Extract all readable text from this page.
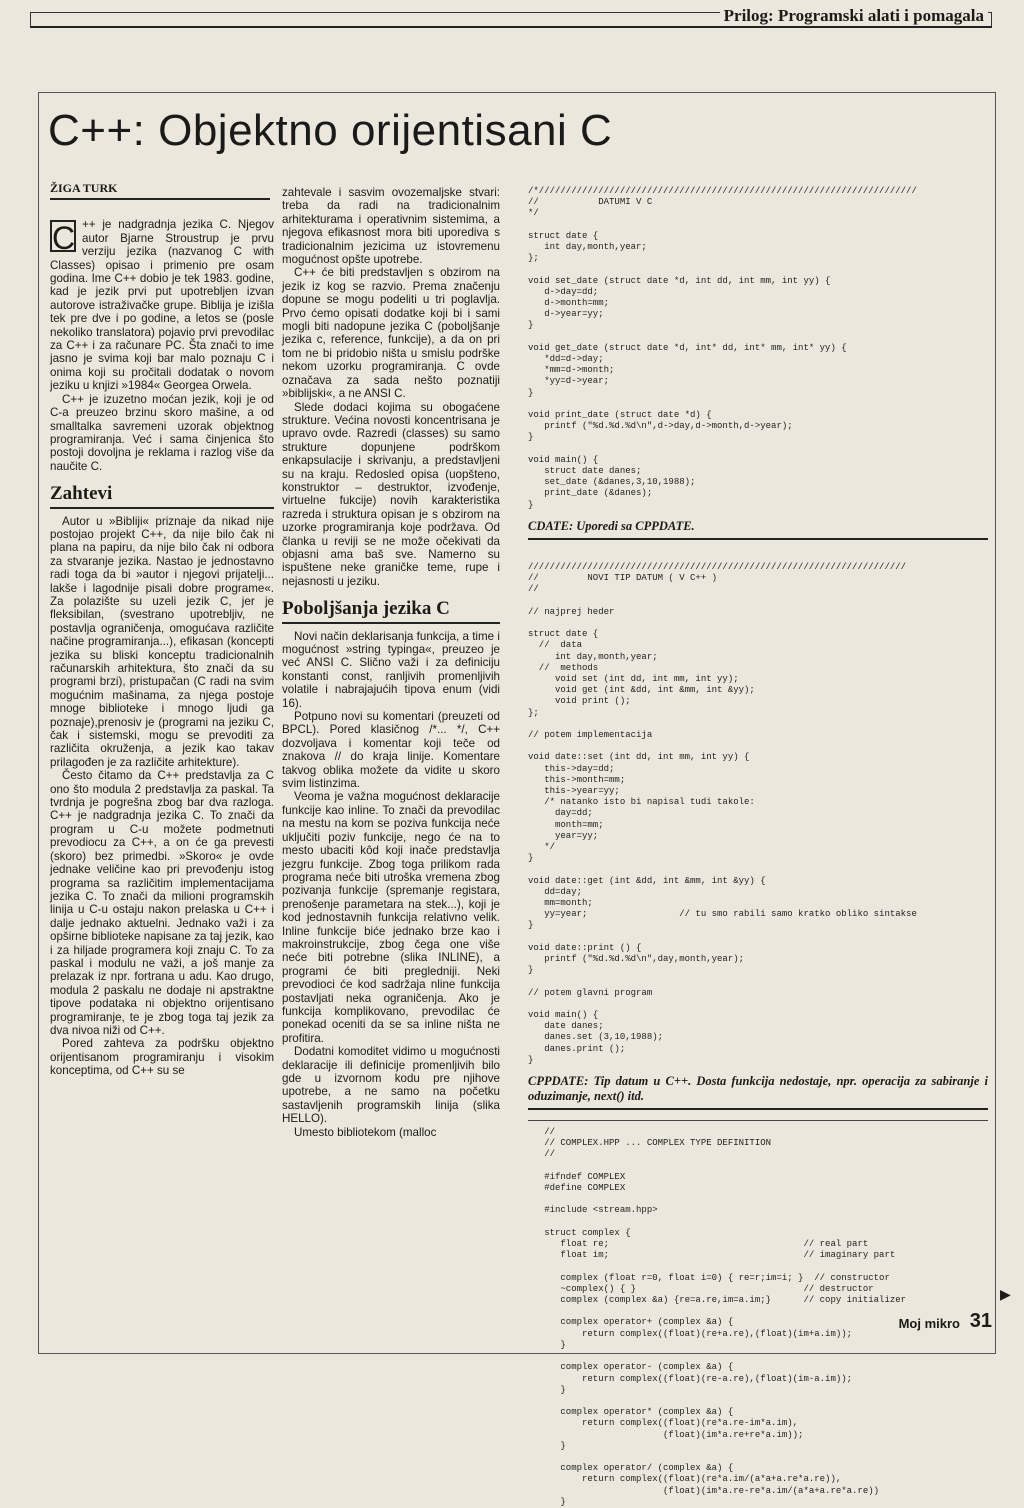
Prilog: Programski alati i pomagala
C++: Objektno orijentisani C
ŽIGA TURK

C ++ je nadgradnja jezika C. Njegov autor Bjarne Stroustrup je prvu verziju jezika (nazvanog C with Classes) opisao i primenio pre osam godina. Ime C++ dobio je tek 1983. godine, kad je jezik prvi put upotrebljen izvan autorove istraživačke grupe. Biblija je izišla tek pre dve i po godine, a letos se (posle nekoliko translatora) pojavio prvi prevodilac za C++ i za računare PC. Šta znači to ime jasno je svima koji bar malo poznaju C i onima koji su pročitali dodatak o novom jeziku u knjizi »1984« Georgea Orwela.

C++ je izuzetno moćan jezik, koji je od C-a preuzeo brzinu skoro mašine, a od smalltalka savremeni uzorak objektnog programiranja. Već i sama činjenica što postoji dovoljna je reklama i razlog više da naučite C.

Zahtevi

Autor u »Bibliji« priznaje da nikad nije postojao projekt C++, da nije bilo čak ni plana na papiru, da nije bilo čak ni odbora za stvaranje jezika. Nastao je jednostavno radi toga da bi »autor i njegovi prijatelji... lakše i lagodnije pisali dobre programe«. Za polazište su uzeli jezik C, jer je fleksibilan, (svestrano upotrebljiv, ne postavlja ograničenja, omogućava različite načine programiranja...), efikasan (koncepti jezika su bliski konceptu tradicionalnih računarskih arhitektura, što znači da su programi brzi), pristupačan (C radi na svim mogućnim mašinama, za njega postoje mnoge biblioteke i mnogo ljudi ga poznaje),prenosiv je (programi na jeziku C, čak i sistemski, mogu se prevoditi za različita okruženja, a jezik kao takav prilagođen je za različite arhitekture).

Često čitamo da C++ predstavlja za C ono što modula 2 predstavlja za paskal. Ta tvrdnja je pogrešna zbog bar dva razloga. C++ je nadgradnja jezika C. To znači da program u C-u možete podmetnuti prevodiocu za C++, a on će ga prevesti (skoro) bez primedbi. »Skoro« je ovde jednake veličine kao pri prevođenju istog programa sa različitim implementacijama jezika C. To znači da milioni programskih linija u C-u ostaju nakon prelaska u C++ i dalje jednako aktuelni. Jednako važi i za opširne biblioteke napisane za taj jezik, kao i za hiljade programera koji znaju C. To za paskal i modulu ne važi, a još manje za prelazak iz npr. fortrana u adu. Kao drugo, modula 2 paskalu ne dodaje ni apstraktne tipove podataka ni objektno orijentisano programiranje, te je zbog toga taj jezik za dva nivoa niži od C++.

Pored zahteva za podršku objektno orijentisanom programiranju i visokim konceptima, od C++ su se

zahtevale i sasvim ovozemaljske stvari: treba da radi na tradicionalnim arhitekturama i operativnim sistemima, a njegova efikasnost mora biti uporediva s tradicionalnim jezicima uz istovremenu mogućnost opšte upotrebe.

C++ će biti predstavljen s obzirom na jezik iz kog se razvio. Prema značenju dopune se mogu podeliti u tri poglavlja. Prvo ćemo opisati dodatke koji bi i sami mogli biti nadopune jezika C (poboljšanje jezika c, reference, funkcije), a da on pri tom ne bi pridobio ništa u smislu podrške nekom uzorku programiranja. C ovde označava za sada nešto poznatiji »biblijski«, a ne ANSI C.

Slede dodaci kojima su obogaćene strukture. Većina novosti koncentrisana je upravo ovde. Razredi (classes) su samo strukture dopunjene podrškom enkapsulacije i skrivanju, a predstavljeni su na kraju. Redosled opisa (uopšteno, konstruktor – destruktor, izvođenje, virtuelne fukcije) novih karakteristika razreda i struktura opisan je s obzirom na uzorke programiranja koje podržava. Od članka u reviji se ne može očekivati da objasni ama baš sve. Namerno su ispuštene neke graničke teme, rupe i nejasnosti u jeziku.

Poboljšanja jezika C

Novi način deklarisanja funkcija, a time i mogućnost »string typinga«, preuzeo je već ANSI C. Slično važi i za definiciju konstanti const, ranljivih promenljivih volatile i nabrajajućih tipova enum (vidi 16).

Potpuno novi su komentari (preuzeti od BPCL). Pored klasičnog /*... */, C++ dozvoljava i komentar koji teče od znakova // do kraja linije. Komentare takvog oblika možete da vidite u skoro svim listinzima.

Veoma je važna mogućnost deklaracije funkcije kao inline. To znači da prevodilac na mestu na kom se poziva funkcija neće uključiti poziv funkcije, nego će na to mesto ubaciti kôd koji inače predstavlja jezgru funkcije. Zbog toga prilikom rada programa neće biti utroška vremena zbog pozivanja funkcije (spremanje registara, prenošenje parametara na stek...), koji je kod jednostavnih funkcija relativno velik. Inline funkcije biće jednako brze kao i makroinstrukcije, zbog čega one više neće biti potrebne (slika INLINE), a programi će biti pregledniji. Neki prevodioci će kod sadržaja nline funkcija postavljati neka ograničenja. Ako je funkcija komplikovano, prevodilac će ponekad oceniti da se sa inline ništa ne profitira.

Dodatni komoditet vidimo u mogućnosti deklaracije ili definicije promenljivih bilo gde u izvornom kodu pre njihove upotrebe, a ne samo na početku sastavljenih programskih linija (slika HELLO).

Umesto bibliotekom (malloc

/*//////////////////////////////////////////////////////////////////////
//           DATUMI V C
*/

struct date {
int day,month,year;
};

void set_date (struct date *d, int dd, int mm, int yy) {
d->day=dd;
d->month=mm;
d->year=yy;
}

void get_date (struct date *d, int* dd, int* mm, int* yy) {
*dd=d->day;
*mm=d->month;
*yy=d->year;
}

void print_date (struct date *d) {
printf ("%d.%d.%d\n",d->day,d->month,d->year);
}

void main() {
struct date danes;
set_date (&danes,3,10,1988);
print_date (&danes);
}
CDATE: Uporedi sa CPPDATE.
//////////////////////////////////////////////////////////////////////
//         NOVI TIP DATUM ( V C++ )
//

// najprej heder

struct date {
//  data
int day,month,year;
//  methods
void set (int dd, int mm, int yy);
void get (int &dd, int &mm, int &yy);
void print ();
};

// potem implementacija

void date::set (int dd, int mm, int yy) {
this->day=dd;
this->month=mm;
this->year=yy;
/* natanko isto bi napisal tudi takole:
day=dd;
month=mm;
year=yy;
*/
}

void date::get (int &dd, int &mm, int &yy) {
dd=day;
mm=month;
yy=year;                 // tu smo rabili samo kratko obliko sintakse
}

void date::print () {
printf ("%d.%d.%d\n",day,month,year);
}

// potem glavni program

void main() {
date danes;
danes.set (3,10,1988);
danes.print ();
}
CPPDATE: Tip datum u C++. Dosta funkcija nedostaje, npr. operacija za sabiranje i oduzimanje, next() itd.
//
// COMPLEX.HPP ... COMPLEX TYPE DEFINITION
//

#ifndef COMPLEX
#define COMPLEX

#include <stream.hpp>

struct complex {
float re;                                    // real part
float im;                                    // imaginary part

complex (float r=0, float i=0) { re=r;im=i; }  // constructor
~complex() { }                               // destructor
complex (complex &a) {re=a.re,im=a.im;}      // copy initializer

complex operator+ (complex &a) {
return complex((float)(re+a.re),(float)(im+a.im));
}

complex operator- (complex &a) {
return complex((float)(re-a.re),(float)(im-a.im));
}

complex operator* (complex &a) {
return complex((float)(re*a.re-im*a.im),
(float)(im*a.re+re*a.im));
}

complex operator/ (complex &a) {
return complex((float)(re*a.im/(a*a+a.re*a.re)),
(float)(im*a.re-re*a.im/(a*a+a.re*a.re))
}
▶
Moj mikro 31
